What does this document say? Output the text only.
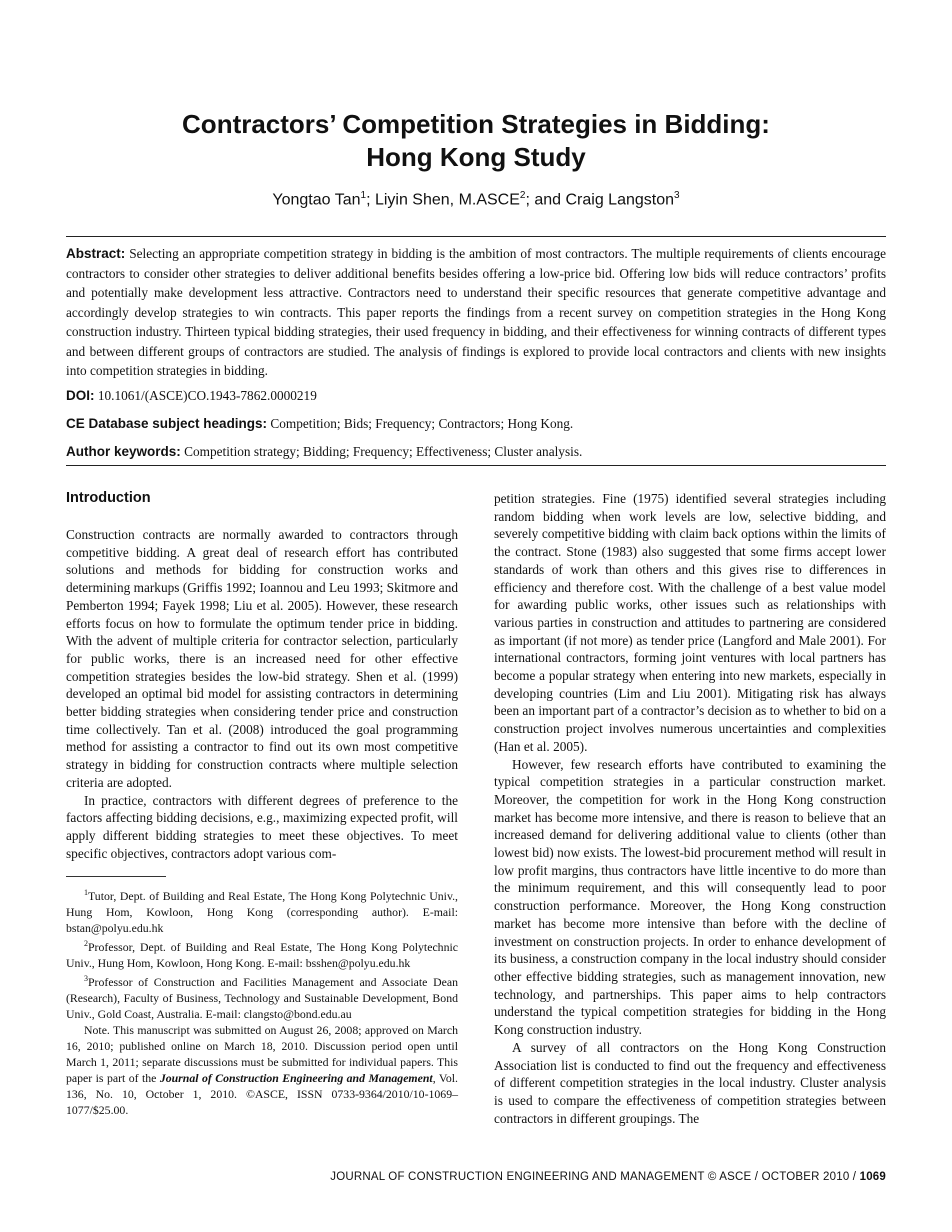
Contractors’ Competition Strategies in Bidding:
Hong Kong Study
Yongtao Tan$^1$; Liyin Shen, M.ASCE$^2$; and Craig Langston$^3$
Abstract: Selecting an appropriate competition strategy in bidding is the ambition of most contractors. The multiple requirements of clients encourage contractors to consider other strategies to deliver additional benefits besides offering a low-price bid. Offering low bids will reduce contractors’ profits and potentially make development less attractive. Contractors need to understand their specific resources that generate competitive advantage and accordingly develop strategies to win contracts. This paper reports the findings from a recent survey on competition strategies in the Hong Kong construction industry. Thirteen typical bidding strategies, their used frequency in bidding, and their effectiveness for winning contracts of different types and between different groups of contractors are studied. The analysis of findings is explored to provide local contractors and clients with new insights into competition strategies in bidding.
DOI: 10.1061/(ASCE)CO.1943-7862.0000219
CE Database subject headings: Competition; Bids; Frequency; Contractors; Hong Kong.
Author keywords: Competition strategy; Bidding; Frequency; Effectiveness; Cluster analysis.
Introduction

Construction contracts are normally awarded to contractors through competitive bidding. A great deal of research effort has contributed solutions and methods for bidding for construction works and determining markups (Griffis 1992; Ioannou and Leu 1993; Skitmore and Pemberton 1994; Fayek 1998; Liu et al. 2005). However, these research efforts focus on how to formulate the optimum tender price in bidding. With the advent of multiple criteria for contractor selection, particularly for public works, there is an increased need for other effective competition strategies besides the low-bid strategy. Shen et al. (1999) developed an optimal bid model for assisting contractors in determining better bidding strategies when considering tender price and construction time collectively. Tan et al. (2008) introduced the goal programming method for assisting a contractor to find out its own most competitive strategy in bidding for construction contracts where multiple selection criteria are adopted.

In practice, contractors with different degrees of preference to the factors affecting bidding decisions, e.g., maximizing expected profit, will apply different bidding strategies to meet these objectives. To meet specific objectives, contractors adopt various com-

$^1$Tutor, Dept. of Building and Real Estate, The Hong Kong Polytechnic Univ., Hung Hom, Kowloon, Hong Kong (corresponding author). E-mail: bstan@polyu.edu.hk

$^2$Professor, Dept. of Building and Real Estate, The Hong Kong Polytechnic Univ., Hung Hom, Kowloon, Hong Kong. E-mail: bsshen@polyu.edu.hk

$^3$Professor of Construction and Facilities Management and Associate Dean (Research), Faculty of Business, Technology and Sustainable Development, Bond Univ., Gold Coast, Australia. E-mail: clangsto@bond.edu.au

Note. This manuscript was submitted on August 26, 2008; approved on March 16, 2010; published online on March 18, 2010. Discussion period open until March 1, 2011; separate discussions must be submitted for individual papers. This paper is part of the Journal of Construction Engineering and Management, Vol. 136, No. 10, October 1, 2010. ©ASCE, ISSN 0733-9364/2010/10-1069–1077/$25.00.

petition strategies. Fine (1975) identified several strategies including random bidding when work levels are low, selective bidding, and severely competitive bidding with claim back options within the limits of the contract. Stone (1983) also suggested that some firms accept lower standards of work than others and this gives rise to differences in efficiency and therefore cost. With the challenge of a best value model for awarding public works, other issues such as relationships with various parties in construction and attitudes to partnering are considered as important (if not more) as tender price (Langford and Male 2001). For international contractors, forming joint ventures with local partners has become a popular strategy when entering into new markets, especially in developing countries (Lim and Liu 2001). Mitigating risk has always been an important part of a contractor’s decision as to whether to bid on a construction project involves numerous uncertainties and complexities (Han et al. 2005).

However, few research efforts have contributed to examining the typical competition strategies in a particular construction market. Moreover, the competition for work in the Hong Kong construction market has become more intensive, and there is reason to believe that an increased demand for delivering additional value to clients (other than lowest bid) now exists. The lowest-bid procurement method will result in low profit margins, thus contractors have little incentive to do more than the minimum requirement, and this will consequently lead to poor construction performance. Moreover, the Hong Kong construction market has become more intensive than before with the decline of investment on construction projects. In order to enhance development of its business, a construction company in the local industry should consider other effective bidding strategies, such as management innovation, new technology, and partnerships. This paper aims to help contractors understand the typical competition strategies for bidding in the Hong Kong construction industry.

A survey of all contractors on the Hong Kong Construction Association list is conducted to find out the frequency and effectiveness of different competition strategies in the local industry. Cluster analysis is used to compare the effectiveness of competition strategies between contractors in different groupings. The

JOURNAL OF CONSTRUCTION ENGINEERING AND MANAGEMENT © ASCE / OCTOBER 2010 / 1069
